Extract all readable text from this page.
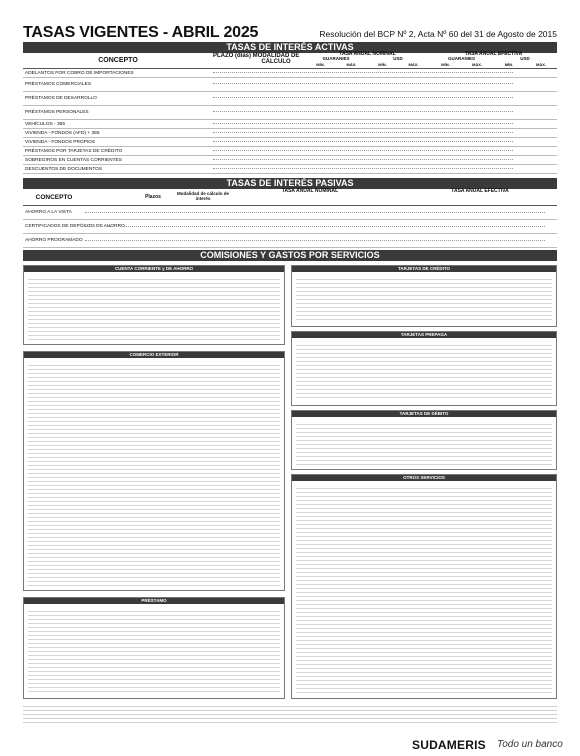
TASAS VIGENTES - ABRIL 2025	Resolución del BCP Nº 2, Acta Nº 60 del 31 de Agosto de 2015
TASAS DE INTERÉS ACTIVAS
CONCEPTO
PLAZO (días) MODALIDAD DE CÁLCULO
TASA ANUAL NOMINAL	TASA ANUAL EFECTIVA
GUARANIES	USD	GUARANIES	USD
MÍN.	MÁX.	MÍN.	MÁX.	MÍN.	MÁX.	MÍN.	MÁX.
ADELANTOS POR COBRO DE IMPORTACIONES
PRÉSTAMOS COMERCIALES
PRÉSTAMOS DE DESARROLLO
PRÉSTAMOS PERSONALES
VEHÍCULOS - 365
VIVIENDA - FONDOS (AFD) + 365
VIVIENDA - FONDOS PROPIOS
PRÉSTAMOS POR TARJETAS DE CRÉDITO
SOBREGIROS EN CUENTAS CORRIENTES
DESCUENTOS DE DOCUMENTOS
TASAS DE INTERÉS PASIVAS
CONCEPTO	Plazos
Modalidad de cálculo de interés
TASA ANUAL NOMINAL	TASA ANUAL EFECTIVA
AHORRO A LA VISTA
CERTIFICADOS DE DEPÓSITO DE AHORRO
AHORRO PROGRAMADO
COMISIONES Y GASTOS POR SERVICIOS
CUENTA CORRIENTE y DE AHORRO	TARJETAS DE CRÉDITO
TARJETAS PREPAGA
COMERCIO EXTERIOR
TARJETAS DE DÉBITO
OTROS SERVICIOS
PRÉSTAMO
SUDAMERIS Todo un banco
